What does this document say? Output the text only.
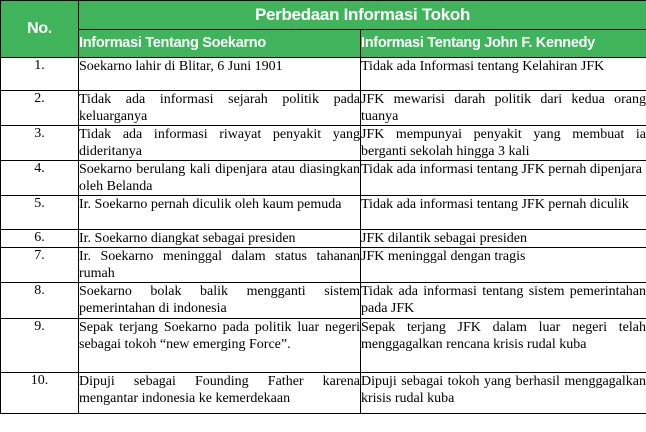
No.	Perbedaan Informasi Tokoh	
	Informasi Tentang Soekarno	Informasi Tentang John F. Kennedy
1.	Soekarno lahir di Blitar, 6 Juni 1901	Tidak ada Informasi tentang Kelahiran JFK
2.	Tidak ada informasi sejarah politik pada keluarganya	JFK mewarisi darah politik dari kedua orang tuanya
3.	Tidak ada informasi riwayat penyakit yang dideritanya	JFK mempunyai penyakit yang membuat ia berganti sekolah hingga 3 kali
4.	Soekarno berulang kali dipenjara atau diasingkan oleh Belanda	Tidak ada informasi tentang JFK pernah dipenjara
5.	Ir. Soekarno pernah diculik oleh kaum pemuda	Tidak ada informasi tentang JFK pernah diculik
6.	Ir. Soekarno diangkat sebagai presiden	JFK dilantik sebagai presiden
7.	Ir. Soekarno meninggal dalam status tahanan rumah	JFK meninggal dengan tragis
8.	Soekarno bolak balik mengganti sistem pemerintahan di indonesia	Tidak ada informasi tentang sistem pemerintahan pada JFK
9.	Sepak terjang Soekarno pada politik luar negeri sebagai tokoh “new emerging Force”.	Sepak terjang JFK dalam luar negeri telah menggagalkan rencana krisis rudal kuba
10.	Dipuji sebagai Founding Father karena mengantar indonesia ke kemerdekaan	Dipuji sebagai tokoh yang berhasil menggagalkan krisis rudal kuba
